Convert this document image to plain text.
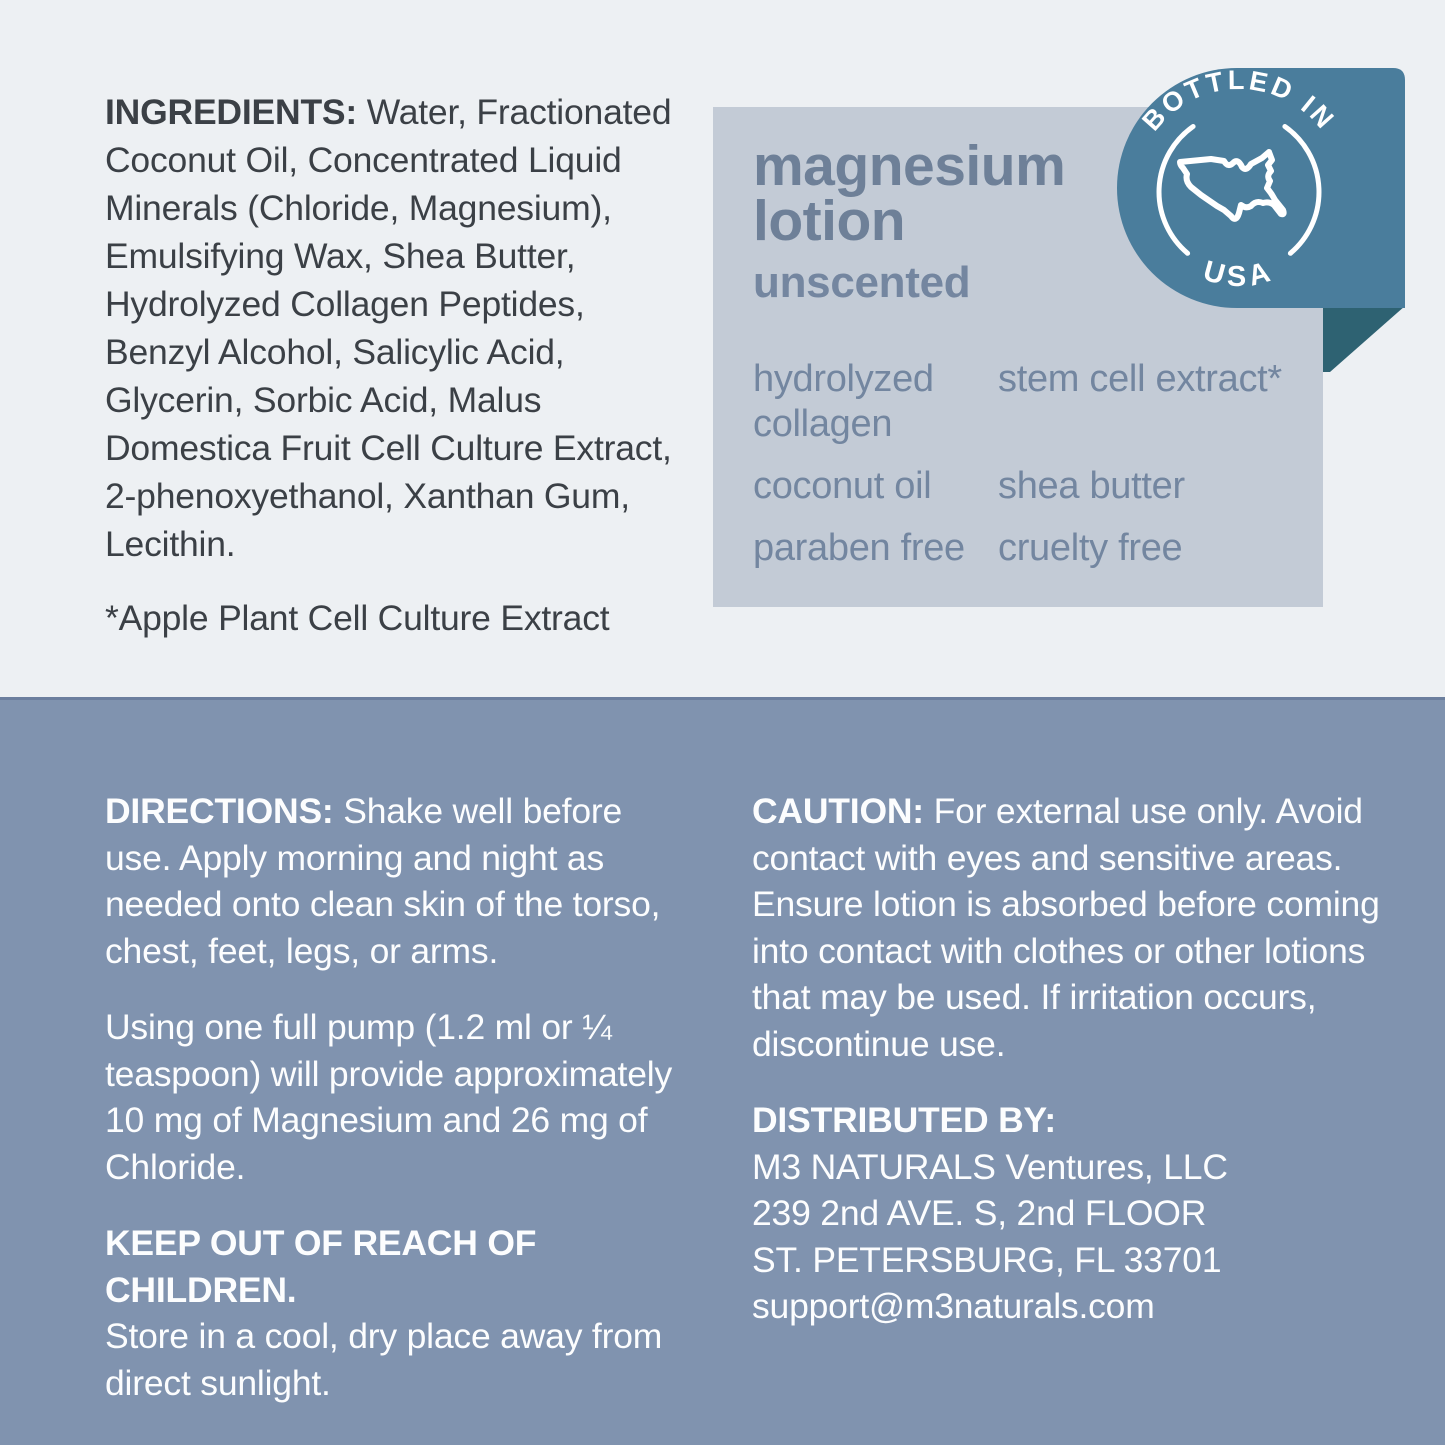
INGREDIENTS: Water, Fractionated Coconut Oil, Concentrated Liquid Minerals (Chloride, Magnesium), Emulsifying Wax, Shea Butter, Hydrolyzed Collagen Peptides, Benzyl Alcohol, Salicylic Acid, Glycerin, Sorbic Acid, Malus Domestica Fruit Cell Culture Extract, 2-phenoxyethanol, Xanthan Gum, Lecithin.

*Apple Plant Cell Culture Extract

magnesium
lotion
unscented
hydrolyzed collagen
stem cell extract*
coconut oil	shea butter
paraben free cruelty free
BOTTLED IN
USA

DIRECTIONS: Shake well before use. Apply morning and night as needed onto clean skin of the torso, chest, feet, legs, or arms.

Using one full pump (1.2 ml or ¼ teaspoon) will provide approximately 10 mg of Magnesium and 26 mg of Chloride.

KEEP OUT OF REACH OF CHILDREN.
Store in a cool, dry place away from direct sunlight.

CAUTION: For external use only. Avoid contact with eyes and sensitive areas. Ensure lotion is absorbed before coming into contact with clothes or other lotions that may be used. If irritation occurs, discontinue use.

DISTRIBUTED BY:
M3 NATURALS Ventures, LLC
239 2nd AVE. S, 2nd FLOOR
ST. PETERSBURG, FL 33701
support@m3naturals.com
